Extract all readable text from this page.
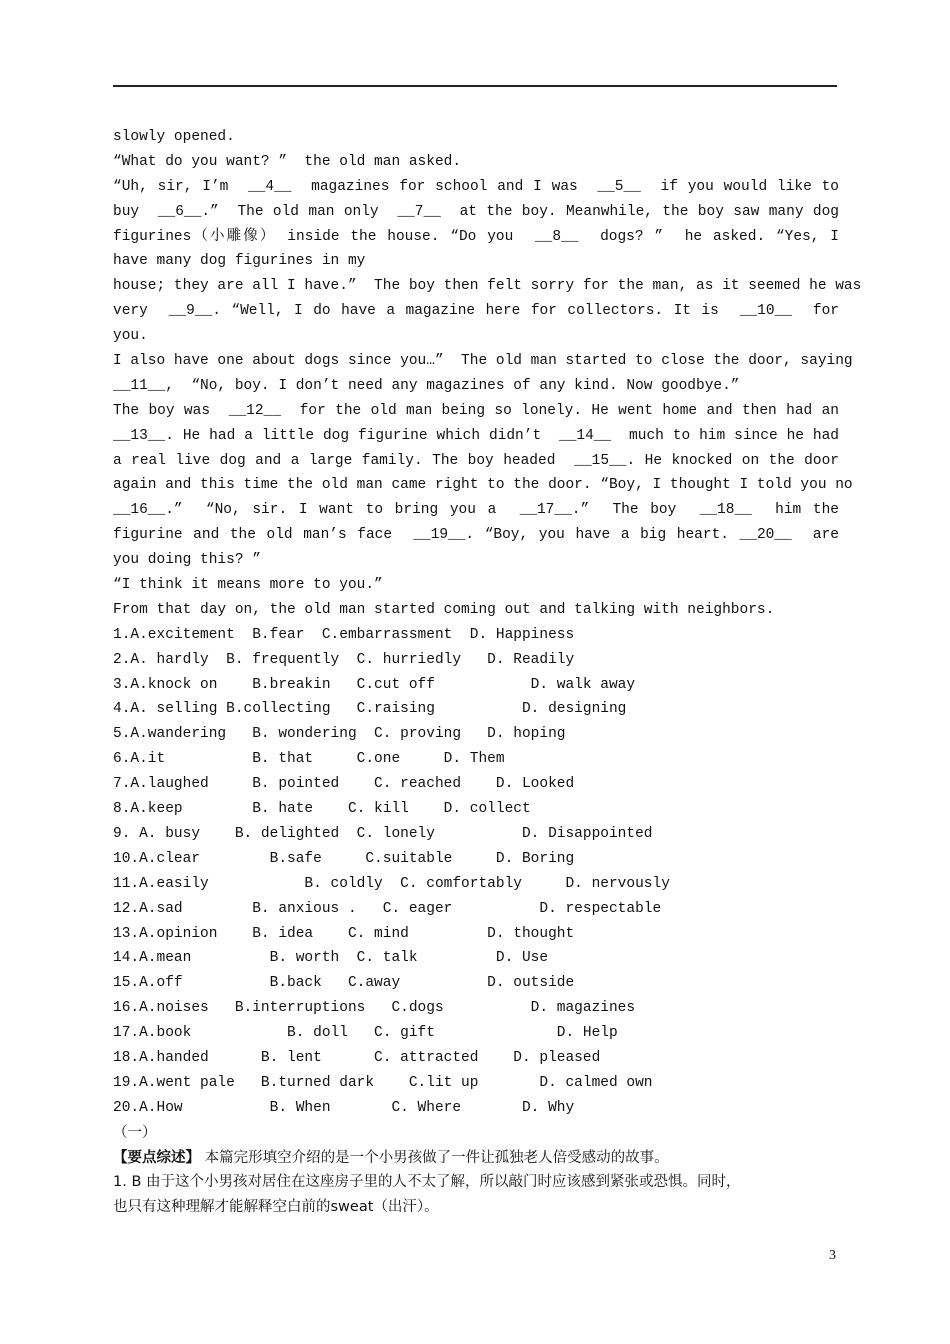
slowly opened.
“What do you want? ”  the old man asked.
“Uh, sir, I’m  __4__  magazines for school and I was  __5__  if you would like to
buy  __6__.”  The old man only  __7__  at the boy. Meanwhile, the boy saw many dog
figurines（小雕像） inside the house. “Do you  __8__  dogs? ”  he asked. “Yes, I
have many dog figurines in my
house; they are all I have.”  The boy then felt sorry for the man, as it seemed he was
very  __9__. “Well, I do have a magazine here for collectors. It is  __10__  for
you.
I also have one about dogs since you…”  The old man started to close the door, saying
__11__,  “No, boy. I don’t need any magazines of any kind. Now goodbye.”
The boy was  __12__  for the old man being so lonely. He went home and then had an
__13__. He had a little dog figurine which didn’t  __14__  much to him since he had
a real live dog and a large family. The boy headed  __15__. He knocked on the door
again and this time the old man came right to the door. “Boy, I thought I told you no
__16__.”  “No, sir. I want to bring you a  __17__.”  The boy  __18__  him the
figurine and the old man’s face  __19__. “Boy, you have a big heart. __20__  are
you doing this? ”
“I think it means more to you.”
From that day on, the old man started coming out and talking with neighbors.
1.A.excitement  B.fear  C.embarrassment  D. Happiness
2.A. hardly  B. frequently  C. hurriedly   D. Readily
3.A.knock on    B.breakin   C.cut off           D. walk away
4.A. selling B.collecting   C.raising          D. designing
5.A.wandering   B. wondering  C. proving   D. hoping
6.A.it          B. that     C.one     D. Them
7.A.laughed     B. pointed    C. reached    D. Looked
8.A.keep        B. hate    C. kill    D. collect
9. A. busy    B. delighted  C. lonely          D. Disappointed
10.A.clear        B.safe     C.suitable     D. Boring
11.A.easily           B. coldly  C. comfortably     D. nervously
12.A.sad        B. anxious .   C. eager          D. respectable
13.A.opinion    B. idea    C. mind         D. thought
14.A.mean         B. worth  C. talk         D. Use
15.A.off          B.back   C.away          D. outside
16.A.noises   B.interruptions   C.dogs          D. magazines
17.A.book           B. doll   C. gift              D. Help
18.A.handed      B. lent      C. attracted    D. pleased
19.A.went pale   B.turned dark    C.lit up       D. calmed own
20.A.How          B. When       C. Where       D. Why
（一）
【要点综述】 本篇完形填空介绍的是一个小男孩做了一件让孤独老人倍受感动的故事。
1. B 由于这个小男孩对居住在这座房子里的人不太了解，所以敲门时应该感到紧张或恐惧。同时，
也只有这种理解才能解释空白前的sweat（出汗）。
3
